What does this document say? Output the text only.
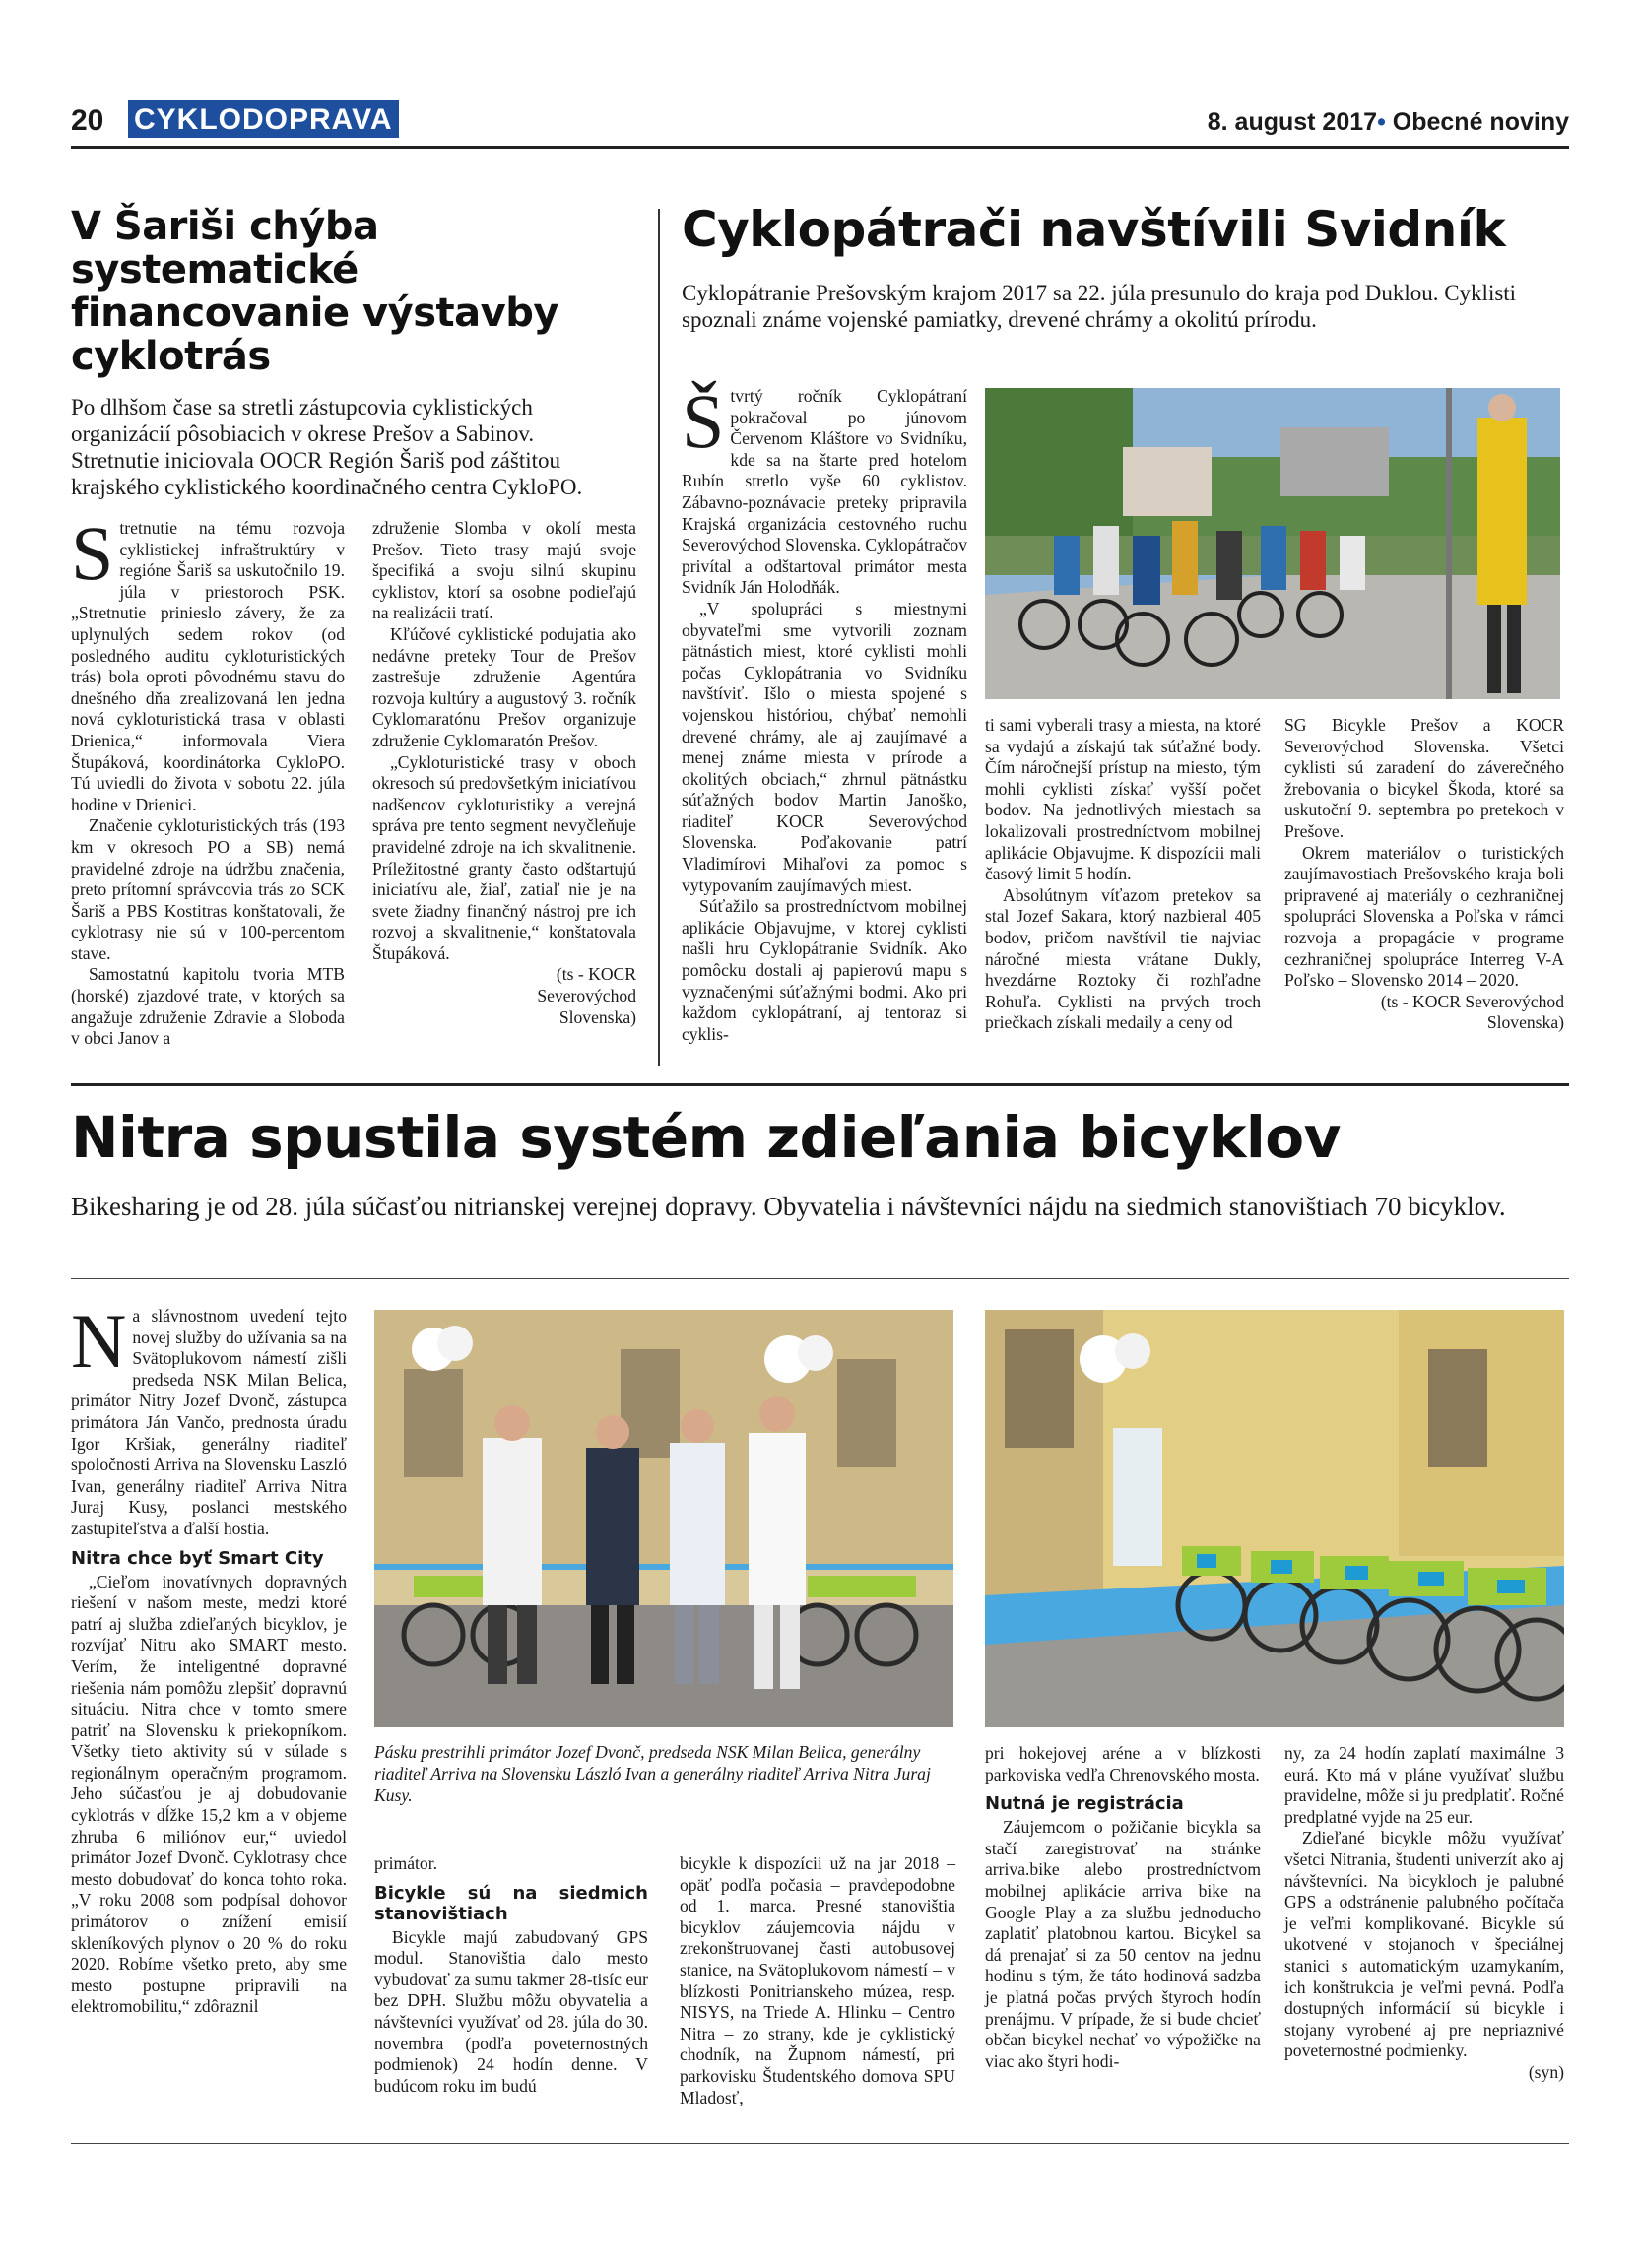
20 CYKLODOPRAVA	8. august 2017• Obecné noviny
V Šariši chýba systematické financovanie výstavby cyklotrás
Po dlhšom čase sa stretli zástupcovia cyklistických organizácií pôsobiacich v okrese Prešov a Sabinov. Stretnutie iniciovala OOCR Región Šariš pod záštitou krajského cyklistického koordinačného centra CykloPO.

Stretnutie na tému rozvoja cyklistickej infraštruktúry v regióne Šariš sa uskutočnilo 19. júla v priestoroch PSK. „Stretnutie prinieslo závery, že za uplynulých sedem rokov (od posledného auditu cykloturistických trás) bola oproti pôvodnému stavu do dnešného dňa zrealizovaná len jedna nová cykloturistická trasa v oblasti Drienica,“ informovala Viera Štupáková, koordinátorka CykloPO. Tú uviedli do života v sobotu 22. júla hodine v Drienici.

Značenie cykloturistických trás (193 km v okresoch PO a SB) nemá pravidelné zdroje na údržbu značenia, preto prítomní správcovia trás zo SCK Šariš a PBS Kostitras konštatovali, že cyklotrasy nie sú v 100-percentom stave.

Samostatnú kapitolu tvoria MTB (horské) zjazdové trate, v ktorých sa angažuje združenie Zdravie a Sloboda v obci Janov a

združenie Slomba v okolí mesta Prešov. Tieto trasy majú svoje špecifiká a svoju silnú skupinu cyklistov, ktorí sa osobne podieľajú na realizácii tratí.

Kľúčové cyklistické podujatia ako nedávne preteky Tour de Prešov zastrešuje združenie Agentúra rozvoja kultúry a augustový 3. ročník Cyklomaratónu Prešov organizuje združenie Cyklomaratón Prešov.

„Cykloturistické trasy v oboch okresoch sú predovšetkým iniciatívou nadšencov cykloturistiky a verejná správa pre tento segment nevyčleňuje pravidelné zdroje na ich skvalitnenie. Príležitostné granty často odštartujú iniciatívu ale, žiaľ, zatiaľ nie je na svete žiadny finančný nástroj pre ich rozvoj a skvalitnenie,“ konštatovala Štupáková.

(ts - KOCR Severovýchod Slovenska)

Cyklopátrači navštívili Svidník
Cyklopátranie Prešovským krajom 2017 sa 22. júla presunulo do kraja pod Duklou. Cyklisti spoznali známe vojenské pamiatky, drevené chrámy a okolitú prírodu.

Štvrtý ročník Cyklopátraní pokračoval po júnovom Červenom Kláštore vo Svidníku, kde sa na štarte pred hotelom Rubín stretlo vyše 60 cyklistov. Zábavno-poznávacie preteky pripravila Krajská organizácia cestovného ruchu Severovýchod Slovenska. Cyklopátračov privítal a odštartoval primátor mesta Svidník Ján Holodňák.

„V spolupráci s miestnymi obyvateľmi sme vytvorili zoznam pätnástich miest, ktoré cyklisti mohli počas Cyklopátrania vo Svidníku navštíviť. Išlo o miesta spojené s vojenskou históriou, chýbať nemohli drevené chrámy, ale aj zaujímavé a menej známe miesta v prírode a okolitých obciach,“ zhrnul pätnástku súťažných bodov Martin Janoško, riaditeľ KOCR Severovýchod Slovenska. Poďakovanie patrí Vladimírovi Mihaľovi za pomoc s vytypovaním zaujímavých miest.

Súťažilo sa prostredníctvom mobilnej aplikácie Objavujme, v ktorej cyklisti našli hru Cyklopátranie Svidník. Ako pomôcku dostali aj papierovú mapu s vyznačenými súťažnými bodmi. Ako pri každom cyklopátraní, aj tentoraz si cyklis-

ti sami vyberali trasy a miesta, na ktoré sa vydajú a získajú tak súťažné body. Čím náročnejší prístup na miesto, tým mohli cyklisti získať vyšší počet bodov. Na jednotlivých miestach sa lokalizovali prostredníctvom mobilnej aplikácie Objavujme. K dispozícii mali časový limit 5 hodín.

Absolútnym víťazom pretekov sa stal Jozef Sakara, ktorý nazbieral 405 bodov, pričom navštívil tie najviac náročné miesta vrátane Dukly, hvezdárne Roztoky či rozhľadne Rohuľa. Cyklisti na prvých troch priečkach získali medaily a ceny od

SG Bicykle Prešov a KOCR Severovýchod Slovenska. Všetci cyklisti sú zaradení do záverečného žrebovania o bicykel Škoda, ktoré sa uskutoční 9. septembra po pretekoch v Prešove.

Okrem materiálov o turistických zaujímavostiach Prešovského kraja boli pripravené aj materiály o cezhraničnej spolupráci Slovenska a Poľska v rámci rozvoja a propagácie v programe cezhraničnej spolupráce Interreg V-A Poľsko – Slovensko 2014 – 2020.

(ts - KOCR Severovýchod Slovenska)

Nitra spustila systém zdieľania bicyklov
Bikesharing je od 28. júla súčasťou nitrianskej verejnej dopravy. Obyvatelia i návštevníci nájdu na siedmich stanovištiach 70 bicyklov.

Na slávnostnom uvedení tejto novej služby do užívania sa na Svätoplukovom námestí zišli predseda NSK Milan Belica, primátor Nitry Jozef Dvonč, zástupca primátora Ján Vančo, prednosta úradu Igor Kršiak, generálny riaditeľ spoločnosti Arriva na Slovensku Laszló Ivan, generálny riaditeľ Arriva Nitra Juraj Kusy, poslanci mestského zastupiteľstva a ďalší hostia.

Nitra chce byť Smart City

„Cieľom inovatívnych dopravných riešení v našom meste, medzi ktoré patrí aj služba zdieľaných bicyklov, je rozvíjať Nitru ako SMART mesto. Verím, že inteligentné dopravné riešenia nám pomôžu zlepšiť dopravnú situáciu. Nitra chce v tomto smere patriť na Slovensku k priekopníkom. Všetky tieto aktivity sú v súlade s regionálnym operačným programom. Jeho súčasťou je aj dobudovanie cyklotrás v dĺžke 15,2 km a v objeme zhruba 6 miliónov eur,“ uviedol primátor Jozef Dvonč. Cyklotrasy chce mesto dobudovať do konca tohto roka.„V roku 2008 som podpísal dohovor primátorov o znížení emisií skleníkových plynov o 20 % do roku 2020. Robíme všetko preto, aby sme mesto postupne pripravili na elektromobilitu,“ zdôraznil

Pásku prestrihli primátor Jozef Dvonč, predseda NSK Milan Belica, generálny riaditeľ Arriva na Slovensku László Ivan a generálny riaditeľ Arriva Nitra Juraj Kusy.

primátor.

Bicykle sú na siedmich stanovištiach

Bicykle majú zabudovaný GPS modul. Stanovištia dalo mesto vybudovať za sumu takmer 28-tisíc eur bez DPH. Službu môžu obyvatelia a návštevníci využívať od 28. júla do 30. novembra (podľa poveternostných podmienok) 24 hodín denne. V budúcom roku im budú

bicykle k dispozícii už na jar 2018 – opäť podľa počasia – pravdepodobne od 1. marca. Presné stanovištia bicyklov záujemcovia nájdu v zrekonštruovanej časti autobusovej stanice, na Svätoplukovom námestí – v blízkosti Ponitrianskeho múzea, resp. NISYS, na Triede A. Hlinku – Centro Nitra – zo strany, kde je cyklistický chodník, na Župnom námestí, pri parkovisku Študentského domova SPU Mladosť,

pri hokejovej aréne a v blízkosti parkoviska vedľa Chrenovského mosta.

Nutná je registrácia

Záujemcom o požičanie bicykla sa stačí zaregistrovať na stránke arriva.bike alebo prostredníctvom mobilnej aplikácie arriva bike na Google Play a za službu jednoducho zaplatiť platobnou kartou. Bicykel sa dá prenajať si za 50 centov na jednu hodinu s tým, že táto hodinová sadzba je platná počas prvých štyroch hodín prenájmu. V prípade, že si bude chcieť občan bicykel nechať vo výpožičke na viac ako štyri hodi-

ny, za 24 hodín zaplatí maximálne 3 eurá. Kto má v pláne využívať službu pravidelne, môže si ju predplatiť. Ročné predplatné vyjde na 25 eur.

Zdieľané bicykle môžu využívať všetci Nitrania, študenti univerzít ako aj návštevníci. Na bicykloch je palubné GPS a odstránenie palubného počítača je veľmi komplikované. Bicykle sú ukotvené v stojanoch v špeciálnej stanici s automatickým uzamykaním, ich konštrukcia je veľmi pevná. Podľa dostupných informácií sú bicykle i stojany vyrobené aj pre nepriaznivé poveternostné podmienky.

(syn)
